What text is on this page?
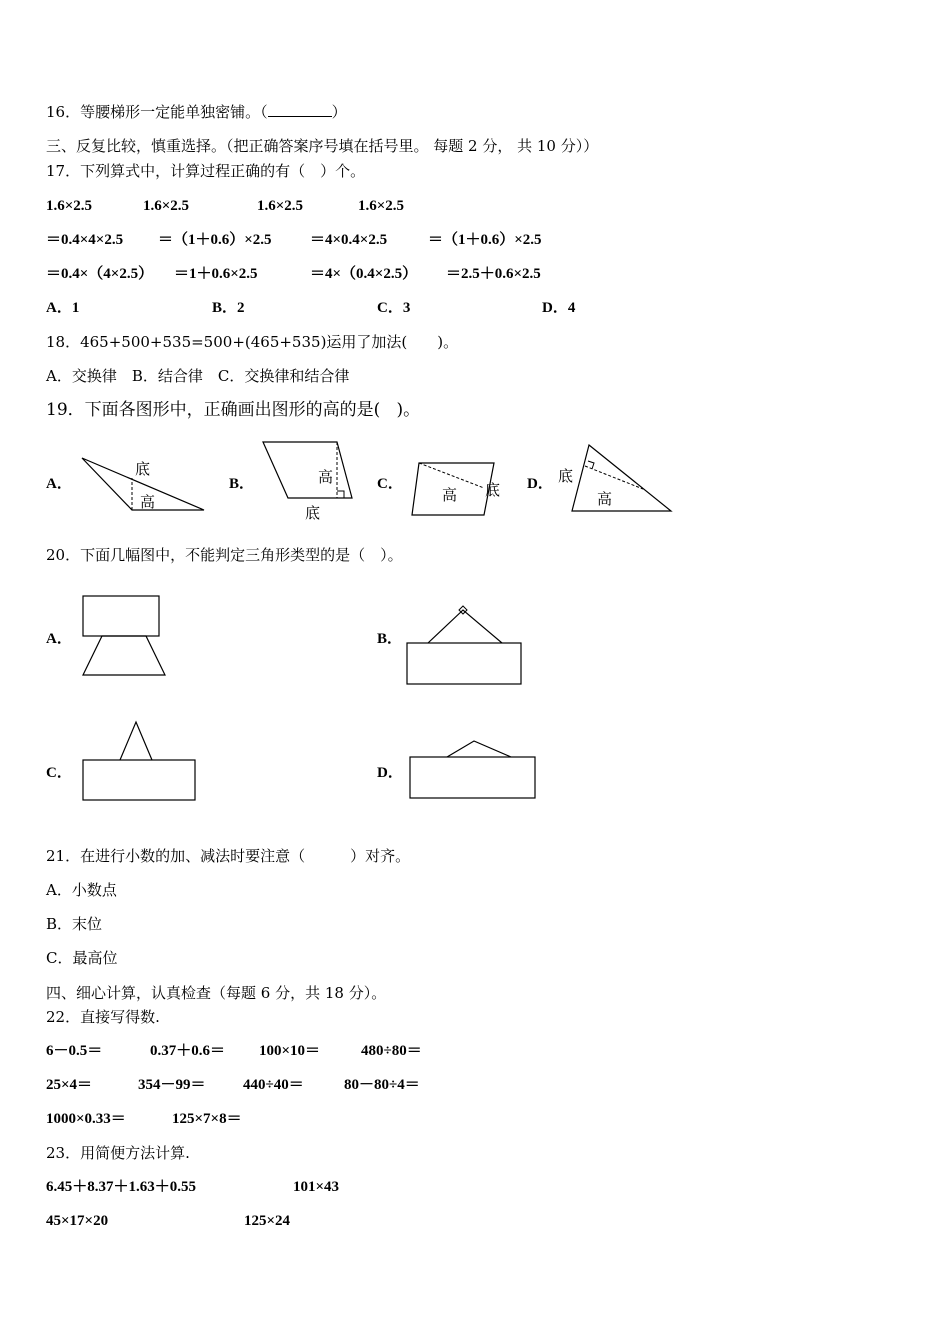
16．等腰梯形一定能单独密铺。（	）
三、反复比较，慎重选择。（把正确答案序号填在括号里。 每题 2 分， 共 10 分））
17．下列算式中，计算过程正确的有（　）个。
1.6×2.5	1.6×2.5	1.6×2.5	1.6×2.5
＝0.4×4×2.5 ＝（1＋0.6）×2.5	＝4×0.4×2.5	＝（1＋0.6）×2.5
＝0.4×（4×2.5） ＝1＋0.6×2.5	＝4×（0.4×2.5） ＝2.5＋0.6×2.5
A．1	B．2	C．3	D．4
18．465+500+535=500+(465+535)运用了加法(　　)。
A．交换律　B．结合律　C．交换律和结合律
19．下面各图形中，正确画出图形的高的是(   )。
A．	B．	C．	D．
底
高
高
底
高 底
底
高
20．下面几幅图中，不能判定三角形类型的是（　）。
A．	B．
C．	D．
21．在进行小数的加、减法时要注意（　　　）对齐。
A．小数点
B．末位
C．最高位
四、细心计算，认真检查（每题 6 分，共 18 分）。
22．直接写得数.
6－0.5＝	0.37＋0.6＝ 100×10＝	480÷80＝
25×4＝	354－99＝ 440÷40＝	80－80÷4＝
1000×0.33＝	125×7×8＝
23．用简便方法计算.
6.45＋8.37＋1.63＋0.55	101×43
45×17×20	125×24
